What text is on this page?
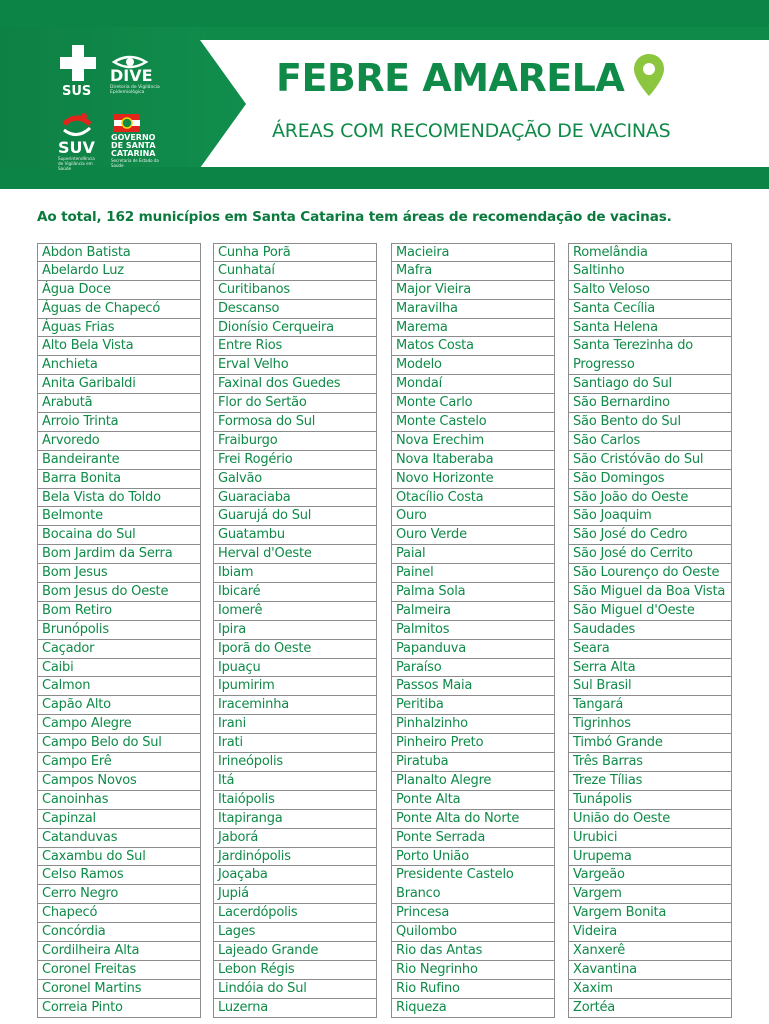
SUS
DIVE
Diretoria de Vigilância Epidemiológica
SUV
Superintendência de Vigilância em Saúde
GOVERNO DE SANTA CATARINA
Secretaria de Estado da Saúde
FEBRE AMARELA
ÁREAS COM RECOMENDAÇÃO DE VACINAS
Ao total, 162 municípios em Santa Catarina tem áreas de recomendação de vacinas.
Abdon Batista
Abelardo Luz
Água Doce
Águas de Chapecó
Águas Frias
Alto Bela Vista
Anchieta
Anita Garibaldi
Arabutã
Arroio Trinta
Arvoredo
Bandeirante
Barra Bonita
Bela Vista do Toldo
Belmonte
Bocaina do Sul
Bom Jardim da Serra
Bom Jesus
Bom Jesus do Oeste
Bom Retiro
Brunópolis
Caçador
Caibi
Calmon
Capão Alto
Campo Alegre
Campo Belo do Sul
Campo Erê
Campos Novos
Canoinhas
Capinzal
Catanduvas
Caxambu do Sul
Celso Ramos
Cerro Negro
Chapecó
Concórdia
Cordilheira Alta
Coronel Freitas
Coronel Martins
Correia Pinto
Cunha Porã
Cunhataí
Curitibanos
Descanso
Dionísio Cerqueira
Entre Rios
Erval Velho
Faxinal dos Guedes
Flor do Sertão
Formosa do Sul
Fraiburgo
Frei Rogério
Galvão
Guaraciaba
Guarujá do Sul
Guatambu
Herval d'Oeste
Ibiam
Ibicaré
Iomerê
Ipira
Iporã do Oeste
Ipuaçu
Ipumirim
Iraceminha
Irani
Irati
Irineópolis
Itá
Itaiópolis
Itapiranga
Jaborá
Jardinópolis
Joaçaba
Jupiá
Lacerdópolis
Lages
Lajeado Grande
Lebon Régis
Lindóia do Sul
Luzerna
Macieira
Mafra
Major Vieira
Maravilha
Marema
Matos Costa
Modelo
Mondaí
Monte Carlo
Monte Castelo
Nova Erechim
Nova Itaberaba
Novo Horizonte
Otacílio Costa
Ouro
Ouro Verde
Paial
Painel
Palma Sola
Palmeira
Palmitos
Papanduva
Paraíso
Passos Maia
Peritiba
Pinhalzinho
Pinheiro Preto
Piratuba
Planalto Alegre
Ponte Alta
Ponte Alta do Norte
Ponte Serrada
Porto União
Presidente Castelo
Branco
Princesa
Quilombo
Rio das Antas
Rio Negrinho
Rio Rufino
Riqueza
Romelândia
Saltinho
Salto Veloso
Santa Cecília
Santa Helena
Santa Terezinha do
Progresso
Santiago do Sul
São Bernardino
São Bento do Sul
São Carlos
São Cristóvão do Sul
São Domingos
São João do Oeste
São Joaquim
São José do Cedro
São José do Cerrito
São Lourenço do Oeste
São Miguel da Boa Vista
São Miguel d'Oeste
Saudades
Seara
Serra Alta
Sul Brasil
Tangará
Tigrinhos
Timbó Grande
Três Barras
Treze Tílias
Tunápolis
União do Oeste
Urubici
Urupema
Vargeão
Vargem
Vargem Bonita
Videira
Xanxerê
Xavantina
Xaxim
Zortéa
